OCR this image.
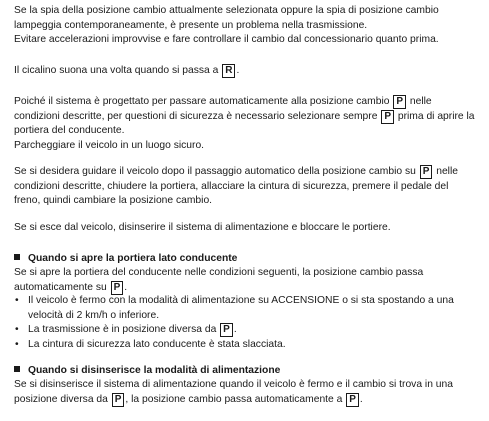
Se la spia della posizione cambio attualmente selezionata oppure la spia di posizione cambio lampeggia contemporaneamente, è presente un problema nella trasmissione.
Evitare accelerazioni improvvise e fare controllare il cambio dal concessionario quanto prima.

Il cicalino suona una volta quando si passa a R .

Poiché il sistema è progettato per passare automaticamente alla posizione cambio P nelle condizioni descritte, per questioni di sicurezza è necessario selezionare sempre P prima di aprire la portiera del conducente.
Parcheggiare il veicolo in un luogo sicuro.

Se si desidera guidare il veicolo dopo il passaggio automatico della posizione cambio su P nelle condizioni descritte, chiudere la portiera, allacciare la cintura di sicurezza, premere il pedale del freno, quindi cambiare la posizione cambio.

Se si esce dal veicolo, disinserire il sistema di alimentazione e bloccare le portiere.

Quando si apre la portiera lato conducente

Se si apre la portiera del conducente nelle condizioni seguenti, la posizione cambio passa automaticamente su P .

• Il veicolo è fermo con la modalità di alimentazione su ACCENSIONE o si sta spostando a una velocità di 2 km/h o inferiore.
• La trasmissione è in posizione diversa da P .
• La cintura di sicurezza lato conducente è stata slacciata.

Quando si disinserisce la modalità di alimentazione

Se si disinserisce il sistema di alimentazione quando il veicolo è fermo e il cambio si trova in una posizione diversa da P , la posizione cambio passa automaticamente a P .
